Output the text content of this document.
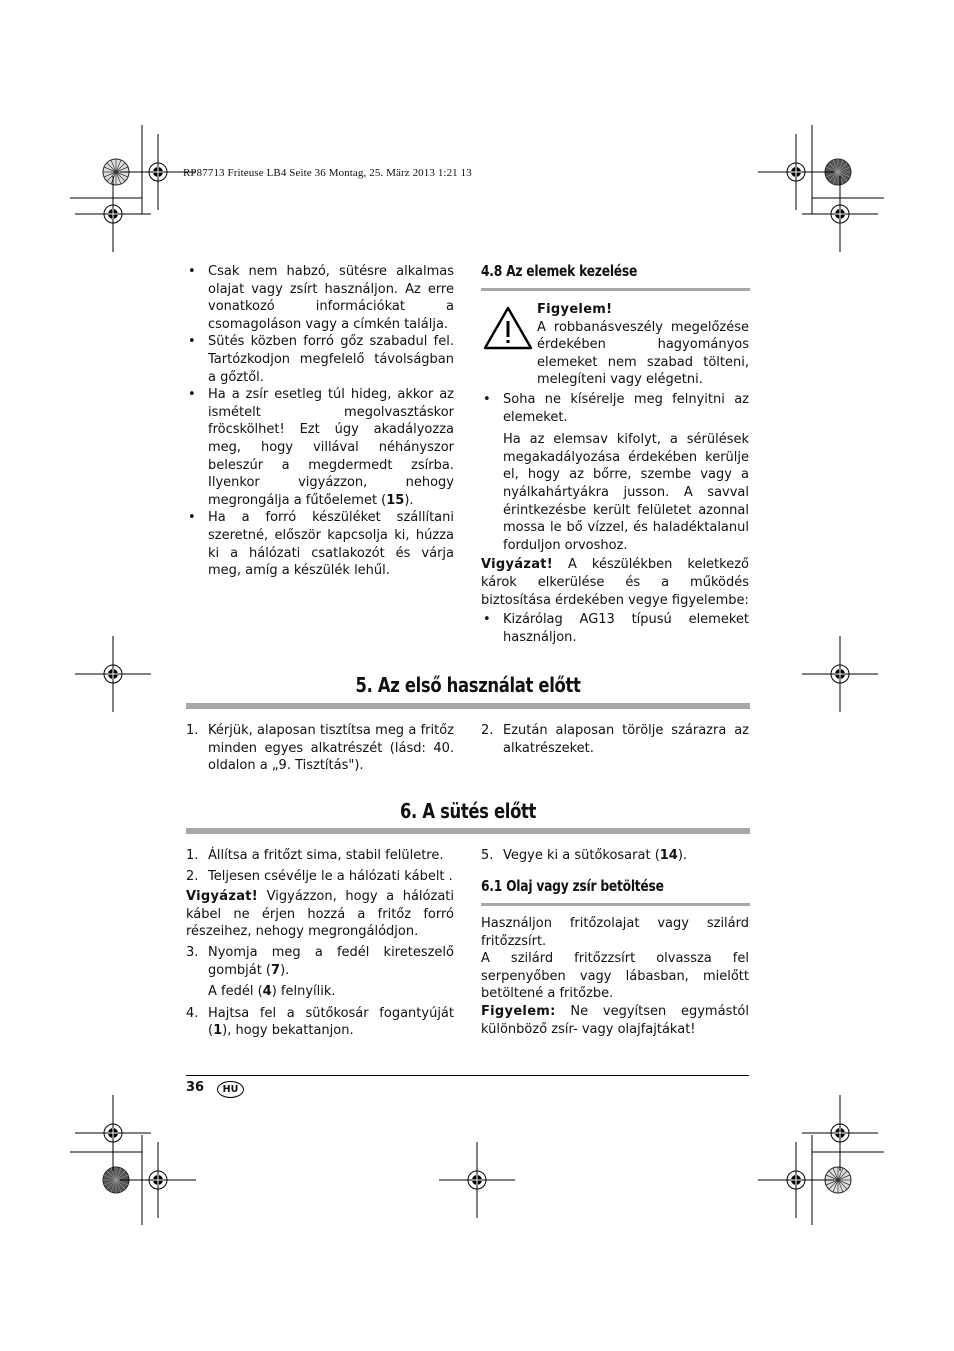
RP87713 Friteuse LB4 Seite 36 Montag, 25. März 2013 1:21 13
• Csak nem habzó, sütésre alkalmas olajat vagy zsírt használjon. Az erre vonatkozó információkat a csomagoláson vagy a címkén találja.
• Sütés közben forró gőz szabadul fel. Tartózkodjon megfelelő távolságban a gőztől.
• Ha a zsír esetleg túl hideg, akkor az ismételt megolvasztáskor fröcskölhet! Ezt úgy akadályozza meg, hogy villával néhányszor beleszúr a megdermedt zsírba. Ilyenkor vigyázzon, nehogy megrongálja a fűtőelemet (15).
• Ha a forró készüléket szállítani szeretné, először kapcsolja ki, húzza ki a hálózati csatlakozót és várja meg, amíg a készülék lehűl.
4.8 Az elemek kezelése
Figyelem!
A robbanásveszély megelőzése érdekében hagyományos elemeket nem szabad tölteni, melegíteni vagy elégetni.
• Soha ne kísérelje meg felnyitni az elemeket.
Ha az elemsav kifolyt, a sérülések megakadályozása érdekében kerülje el, hogy az bőrre, szembe vagy a nyálkahártyákra jusson. A savval érintkezésbe került felületet azonnal mossa le bő vízzel, és haladéktalanul forduljon orvoshoz.
Vigyázat! A készülékben keletkező károk elkerülése és a működés biztosítása érdekében vegye figyelembe:
• Kizárólag AG13 típusú elemeket használjon.
5. Az első használat előtt
1. Kérjük, alaposan tisztítsa meg a fritőz minden egyes alkatrészét (lásd: 40. oldalon a „9. Tisztítás").
2. Ezután alaposan törölje szárazra az alkatrészeket.
6. A sütés előtt
1. Állítsa a fritőzt sima, stabil felületre.
2. Teljesen csévélje le a hálózati kábelt .
Vigyázat! Vigyázzon, hogy a hálózati kábel ne érjen hozzá a fritőz forró részeihez, nehogy megrongálódjon.
3. Nyomja meg a fedél kireteszelő gombját (7).
A fedél (4) felnyílik.
4. Hajtsa fel a sütőkosár fogantyúját (1), hogy bekattanjon.
5. Vegye ki a sütőkosarat (14).
6.1 Olaj vagy zsír betöltése
Használjon fritőzolajat vagy szilárd fritőzzsírt.
A szilárd fritőzzsírt olvassza fel serpenyőben vagy lábasban, mielőtt betöltené a fritőzbe.
Figyelem: Ne vegyítsen egymástól különböző zsír- vagy olajfajtákat!
36	HU
